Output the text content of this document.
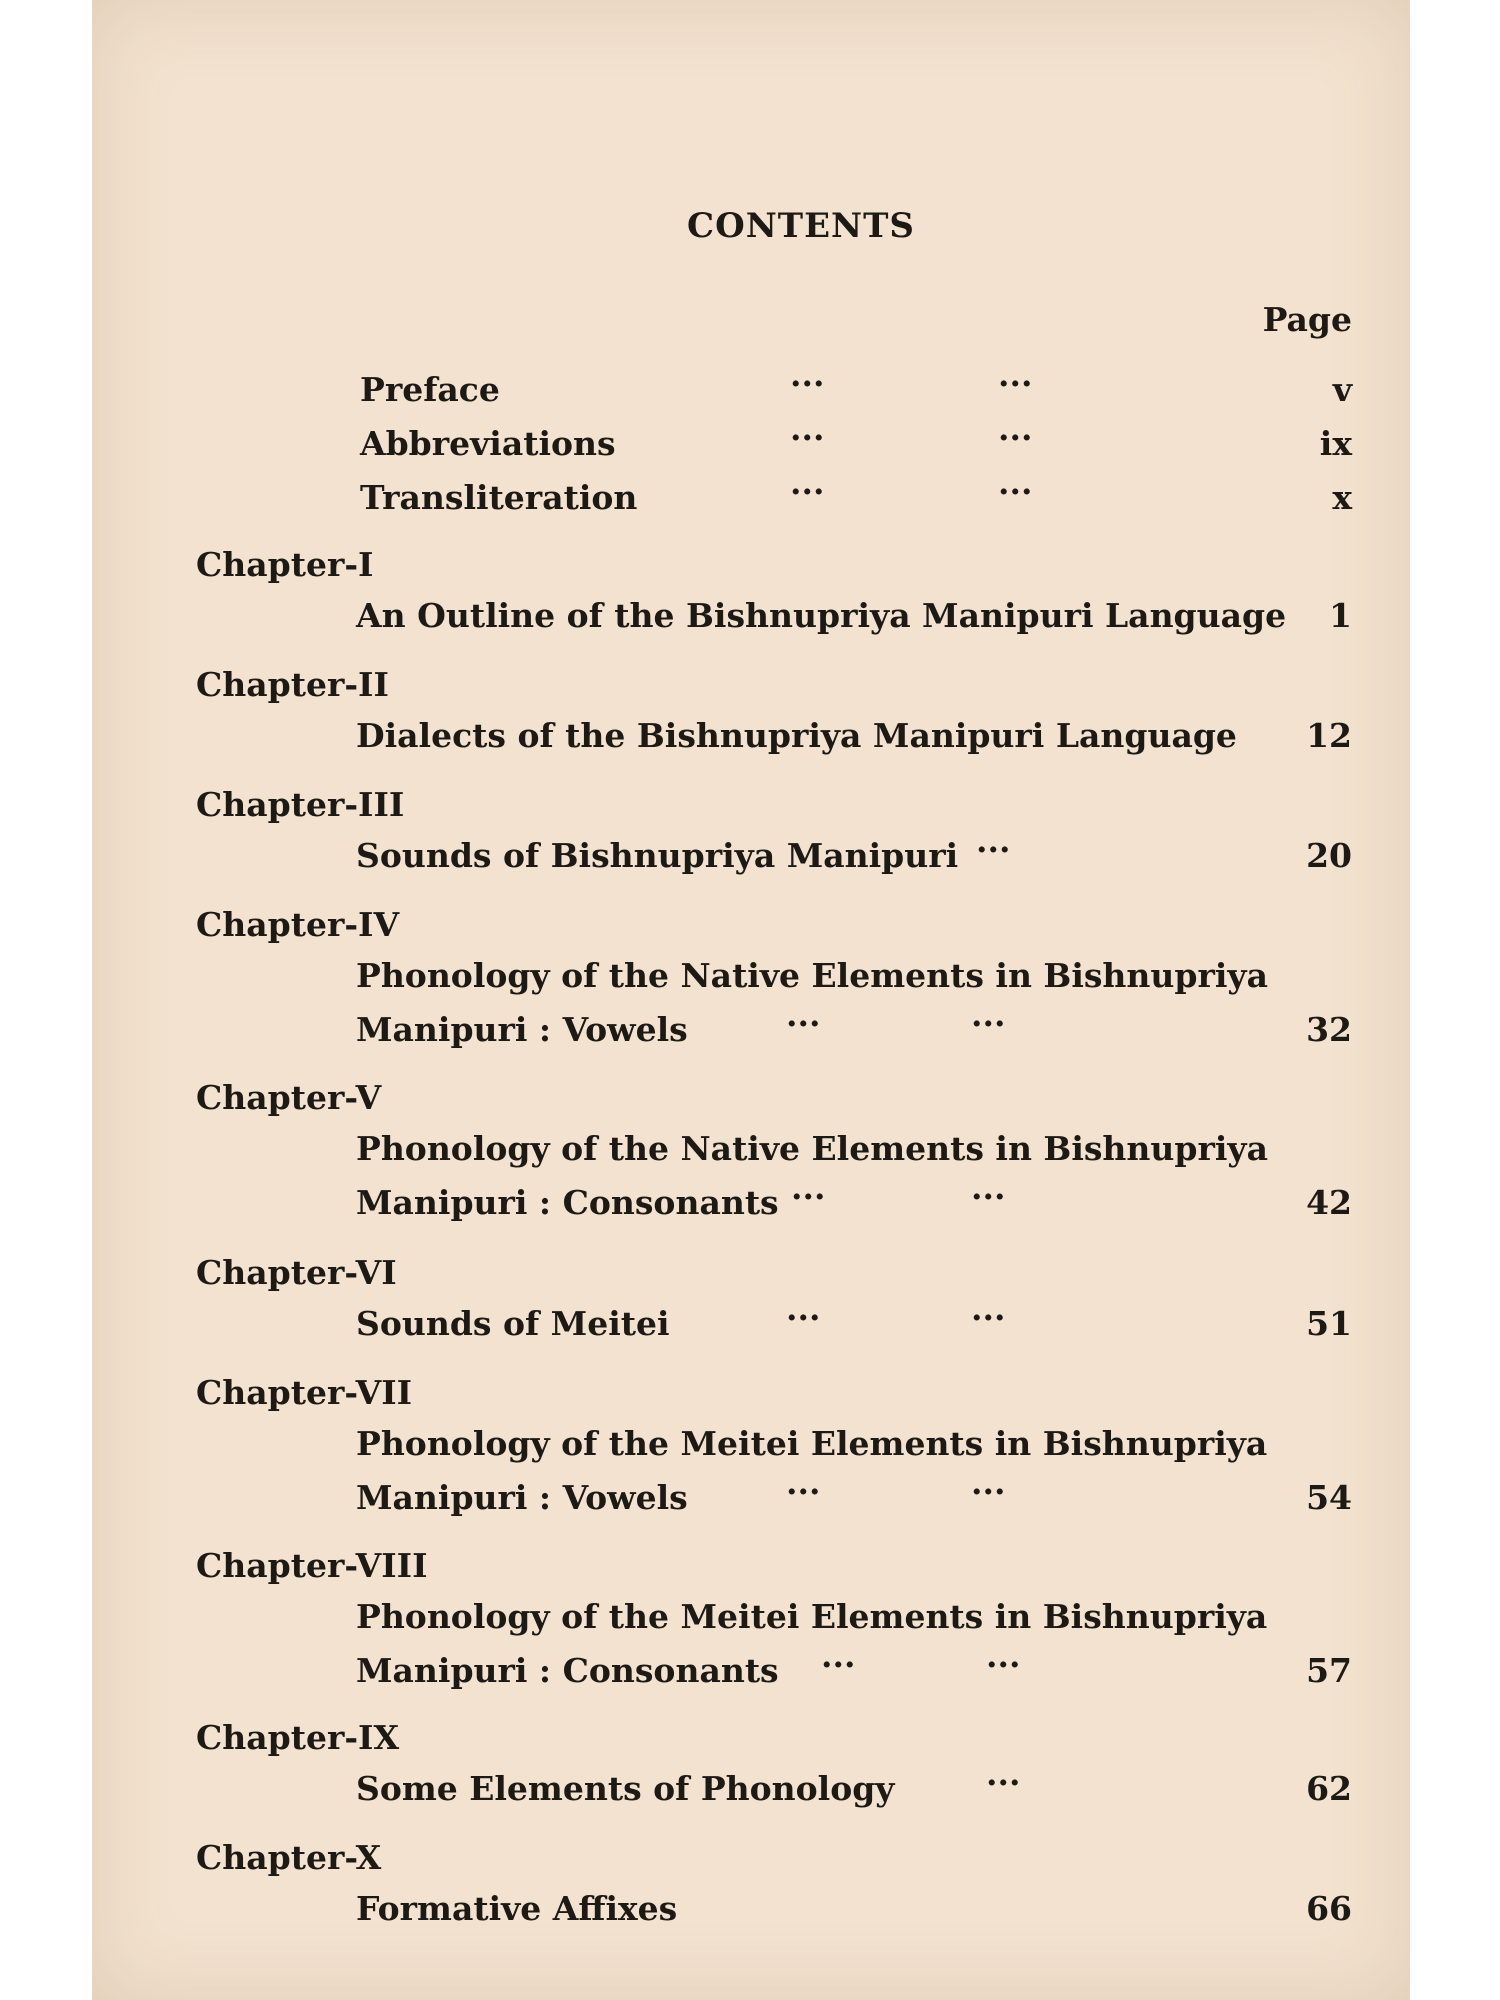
CONTENTS
Page
Preface	···	···	v
Abbreviations	···	···	ix
Transliteration	···	···	x
Chapter-I
An Outline of the Bishnupriya Manipuri Language 1
Chapter-II
Dialects of the Bishnupriya Manipuri Language 12
Chapter-III
Sounds of Bishnupriya Manipuri ···	20
Chapter-IV
Phonology of the Native Elements in Bishnupriya
Manipuri : Vowels	···	···	32
Chapter-V
Phonology of the Native Elements in Bishnupriya
Manipuri : Consonants ···	···	42
Chapter-VI
Sounds of Meitei	···	···	51
Chapter-VII
Phonology of the Meitei Elements in Bishnupriya
Manipuri : Vowels	···	···	54
Chapter-VIII
Phonology of the Meitei Elements in Bishnupriya
Manipuri : Consonants ···	···	57
Chapter-IX
Some Elements of Phonology	···	62
Chapter-X
Formative Affixes	66
